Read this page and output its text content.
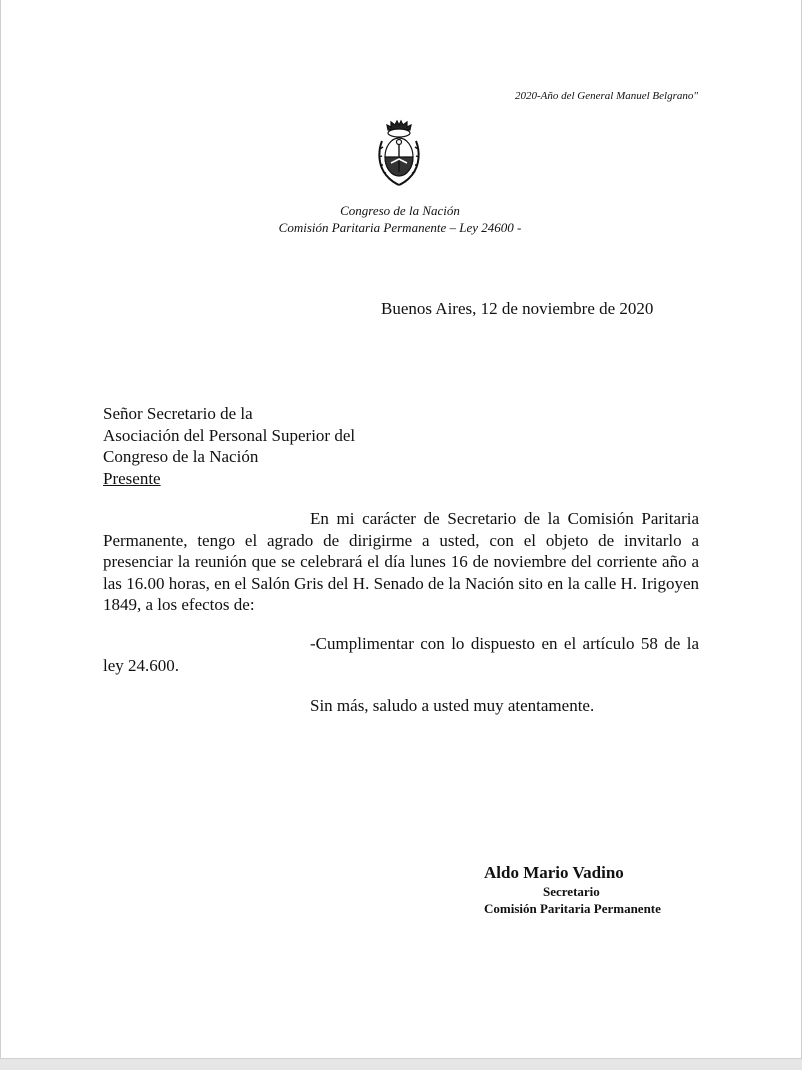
2020-Año del General Manuel Belgrano"
Congreso de la Nación
Comisión Paritaria Permanente – Ley 24600 -
Buenos Aires, 12 de noviembre de 2020
Señor Secretario de la
Asociación del Personal Superior del
Congreso de la Nación
Presente
En mi carácter de Secretario de la Comisión Paritaria Permanente, tengo el agrado de dirigirme a usted, con el objeto de invitarlo a presenciar la reunión que se celebrará el día lunes 16 de noviembre del corriente año a las 16.00 horas, en el Salón Gris del H. Senado de la Nación sito en la calle H. Irigoyen 1849, a los efectos de:
-Cumplimentar con lo dispuesto en el artículo 58 de la ley 24.600.
Sin más, saludo a usted muy atentamente.
Aldo Mario Vadino
Secretario
Comisión Paritaria Permanente
